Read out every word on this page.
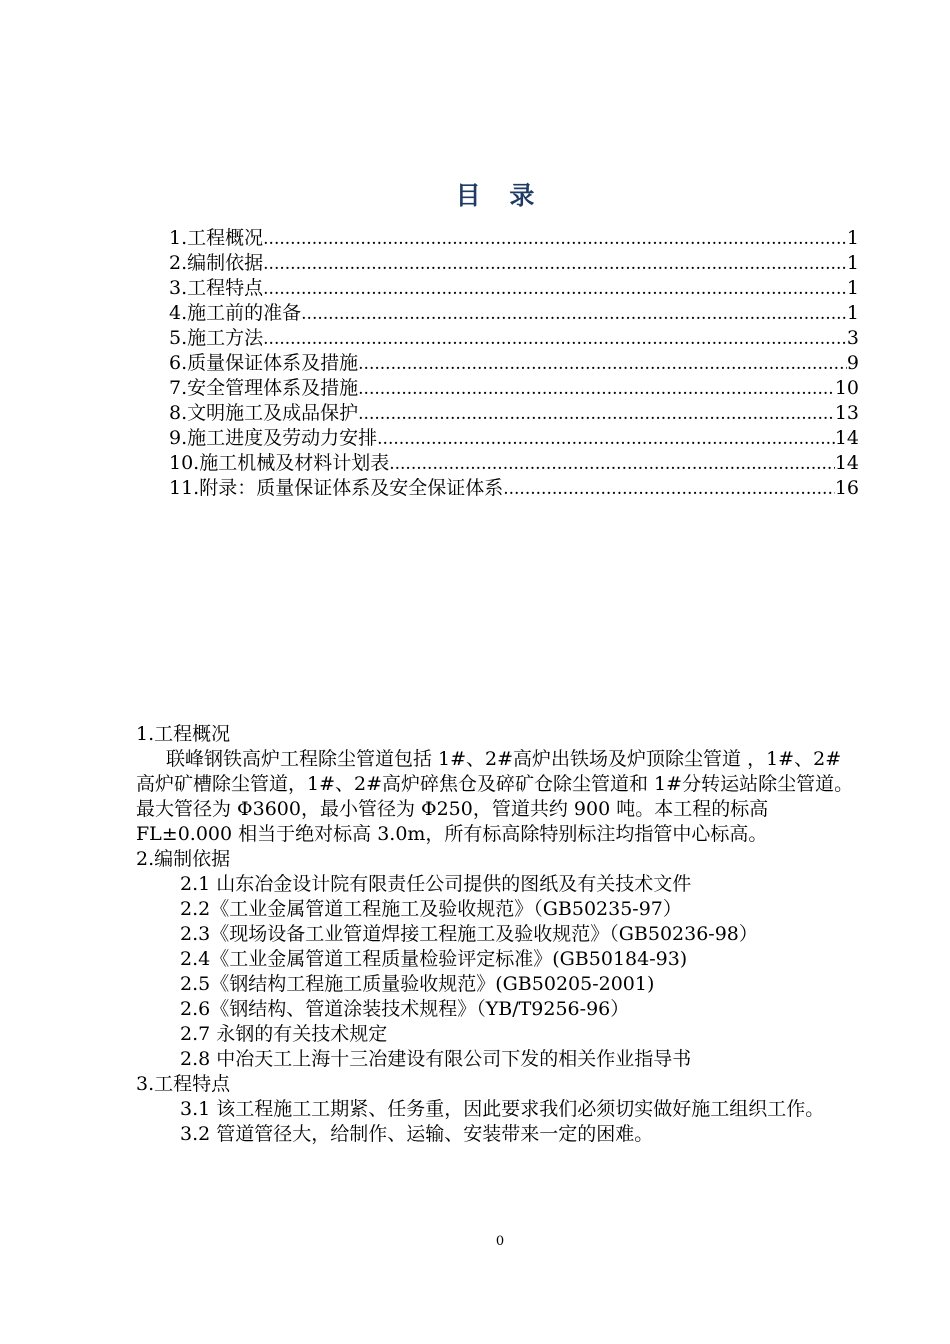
目 录
1.工程概况 .....	1
2.编制依据 .....	1
3.工程特点 .....	1
4.施工前的准备 .....	1
5.施工方法 .....	3
6.质量保证体系及措施 .....	9
7.安全管理体系及措施 .....	10
8.文明施工及成品保护 .....	13
9.施工进度及劳动力安排 .....	14
10.施工机械及材料计划表 .....	14
11.附录：质量保证体系及安全保证体系 .....	16

1.工程概况

联峰钢铁高炉工程除尘管道包括 1#、2#高炉出铁场及炉顶除尘管道 ，1#、2#高炉矿槽除尘管道，1#、2#高炉碎焦仓及碎矿仓除尘管道和 1#分转运站除尘管道。最大管径为 Φ3600，最小管径为 Φ250，管道共约 900 吨。本工程的标高 FL±0.000 相当于绝对标高 3.0m，所有标高除特别标注均指管中心标高。

2.编制依据

2.1 山东冶金设计院有限责任公司提供的图纸及有关技术文件

2.2《工业金属管道工程施工及验收规范》（GB50235-97）

2.3《现场设备工业管道焊接工程施工及验收规范》（GB50236-98）

2.4《工业金属管道工程质量检验评定标准》(GB50184-93)

2.5《钢结构工程施工质量验收规范》(GB50205-2001)

2.6《钢结构、管道涂装技术规程》（YB/T9256-96）

2.7 永钢的有关技术规定

2.8 中冶天工上海十三冶建设有限公司下发的相关作业指导书

3.工程特点

3.1 该工程施工工期紧、任务重，因此要求我们必须切实做好施工组织工作。

3.2 管道管径大，给制作、运输、安装带来一定的困难。

0
